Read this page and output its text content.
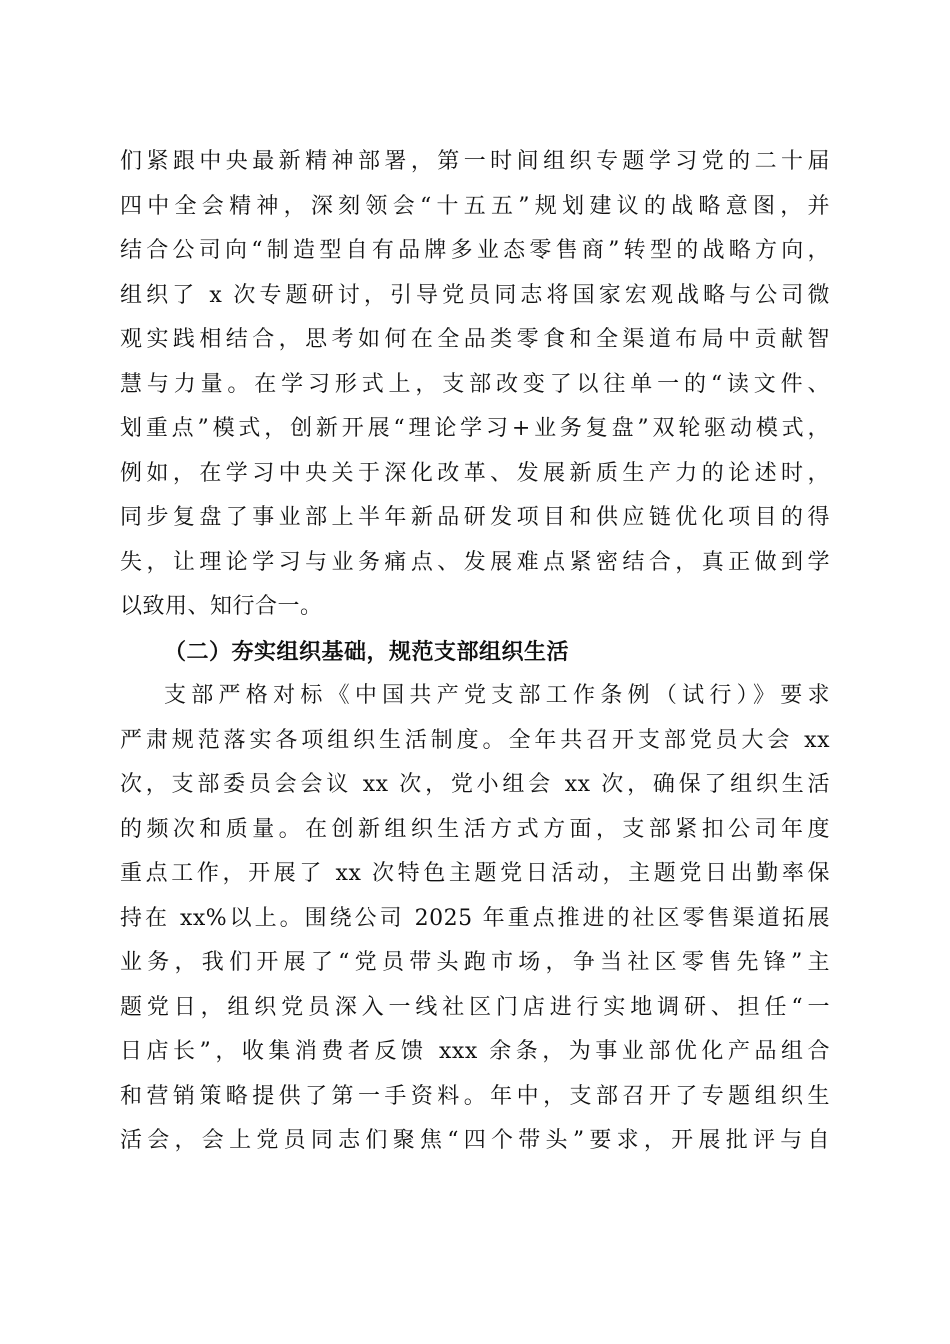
们紧跟中央最新精神部署，第一时间组织专题学习党的二十届
四中全会精神，深刻领会“十五五”规划建议的战略意图，并
结合公司向“制造型自有品牌多业态零售商”转型的战略方向，
组织了 x 次专题研讨，引导党员同志将国家宏观战略与公司微
观实践相结合，思考如何在全品类零食和全渠道布局中贡献智
慧与力量。在学习形式上，支部改变了以往单一的“读文件、
划重点”模式，创新开展“理论学习+业务复盘”双轮驱动模式，
例如，在学习中央关于深化改革、发展新质生产力的论述时，
同步复盘了事业部上半年新品研发项目和供应链优化项目的得
失，让理论学习与业务痛点、发展难点紧密结合，真正做到学
以致用、知行合一。
（二）夯实组织基础，规范支部组织生活
支部严格对标《中国共产党支部工作条例（试行）》要求
严肃规范落实各项组织生活制度。全年共召开支部党员大会 xx
次，支部委员会会议 xx 次，党小组会 xx 次，确保了组织生活
的频次和质量。在创新组织生活方式方面，支部紧扣公司年度
重点工作，开展了 xx 次特色主题党日活动，主题党日出勤率保
持在 xx%以上。围绕公司 2025 年重点推进的社区零售渠道拓展
业务，我们开展了“党员带头跑市场，争当社区零售先锋”主
题党日，组织党员深入一线社区门店进行实地调研、担任“一
日店长”，收集消费者反馈 xxx 余条，为事业部优化产品组合
和营销策略提供了第一手资料。年中，支部召开了专题组织生
活会，会上党员同志们聚焦“四个带头”要求，开展批评与自
